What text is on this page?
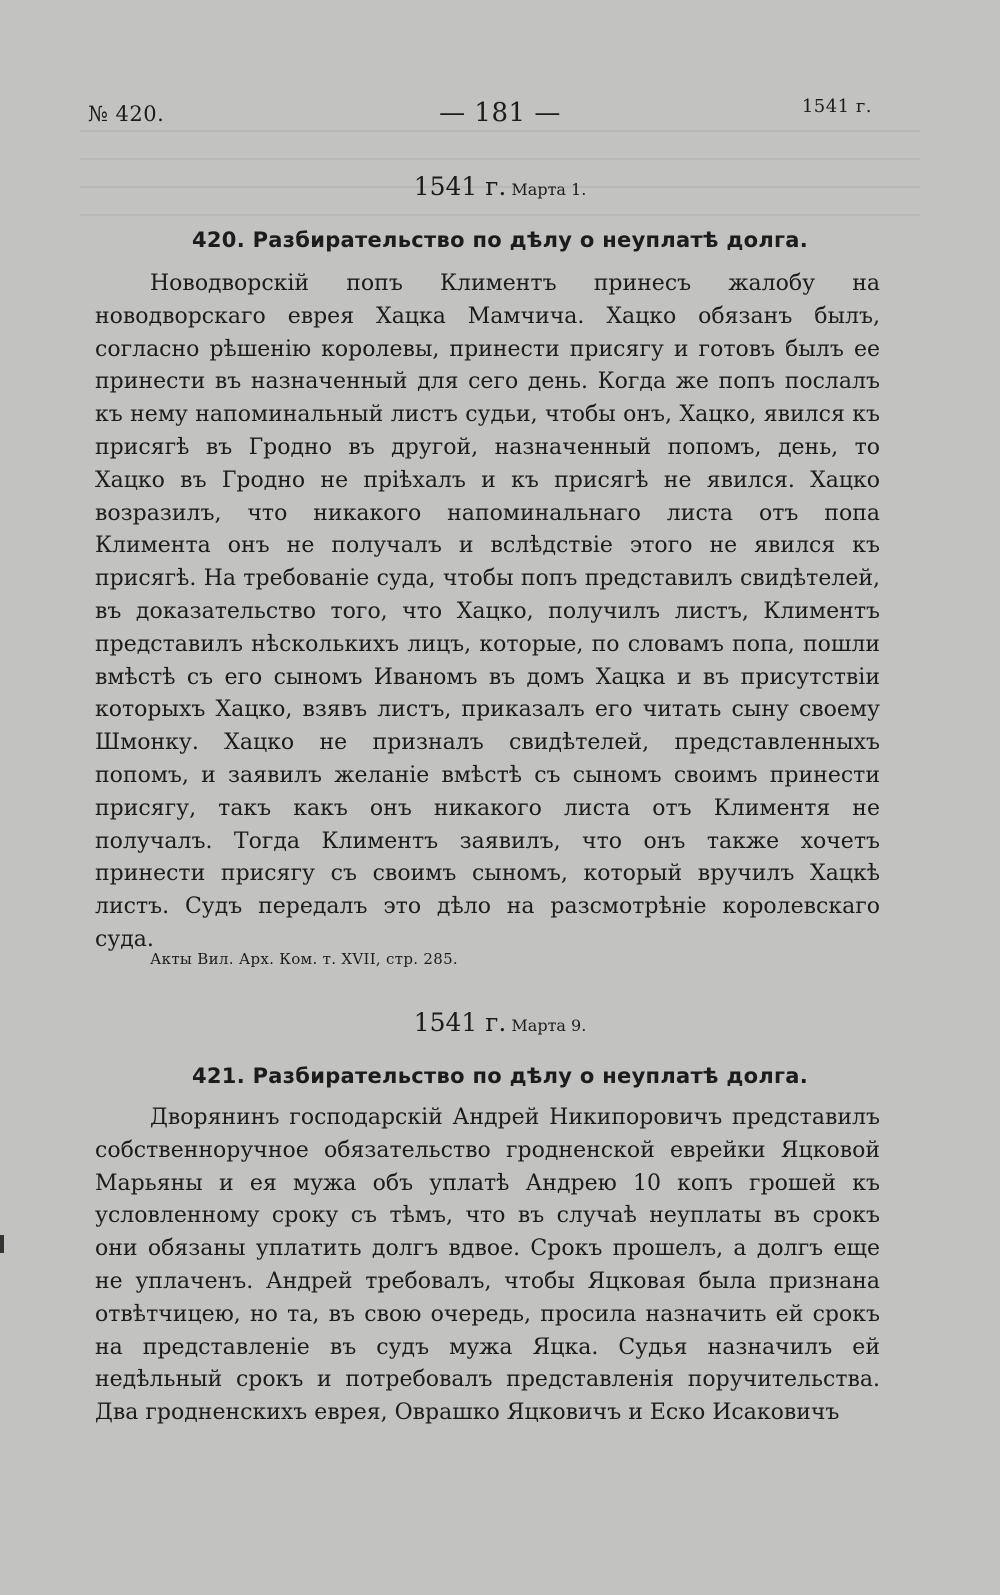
№ 420.	— 181 —	1541 г.
1541 г. Марта 1.
420. Разбирательство по дѣлу о неуплатѣ долга.

Новодворскій попъ Климентъ принесъ жалобу на новодворскаго еврея Хацка Мамчича. Хацко обязанъ былъ, согласно рѣшенію королевы, принести присягу и готовъ былъ ее принести въ назначенный для сего день. Когда же попъ послалъ къ нему напоминальный листъ судьи, чтобы онъ, Хацко, явился къ присягѣ въ Гродно въ другой, назначенный попомъ, день, то Хацко въ Гродно не пріѣхалъ и къ присягѣ не явился. Хацко возразилъ, что никакого напоминальнаго листа отъ попа Климента онъ не получалъ и вслѣдствіе этого не явился къ присягѣ. На требованіе суда, чтобы попъ представилъ свидѣтелей, въ доказательство того, что Хацко, получилъ листъ, Климентъ представилъ нѣсколькихъ лицъ, которые, по словамъ попа, пошли вмѣстѣ съ его сыномъ Иваномъ въ домъ Хацка и въ присутствіи которыхъ Хацко, взявъ листъ, приказалъ его читать сыну своему Шмонку. Хацко не призналъ свидѣтелей, представленныхъ попомъ, и заявилъ желаніе вмѣстѣ съ сыномъ своимъ принести присягу, такъ какъ онъ никакого листа отъ Климентя не получалъ. Тогда Климентъ заявилъ, что онъ также хочетъ принести присягу съ своимъ сыномъ, который вручилъ Хацкѣ листъ. Судъ передалъ это дѣло на разсмотрѣніе королевскаго суда.

Акты Вил. Арх. Ком. т. XVII, стр. 285.
1541 г. Марта 9.
421. Разбирательство по дѣлу о неуплатѣ долга.

Дворянинъ господарскій Андрей Никипоровичъ представилъ собственноручное обязательство гродненской еврейки Яцковой Марьяны и ея мужа объ уплатѣ Андрею 10 копъ грошей къ условленному сроку съ тѣмъ, что въ случаѣ неуплаты въ срокъ они обязаны уплатить долгъ вдвое. Срокъ прошелъ, а долгъ еще не уплаченъ. Андрей требовалъ, чтобы Яцковая была признана отвѣтчицею, но та, въ свою очередь, просила назначить ей срокъ на представленіе въ судъ мужа Яцка. Судья назначилъ ей недѣльный срокъ и потребовалъ представленія поручительства. Два гродненскихъ еврея, Оврашко Яцковичъ и Еско Исаковичъ
